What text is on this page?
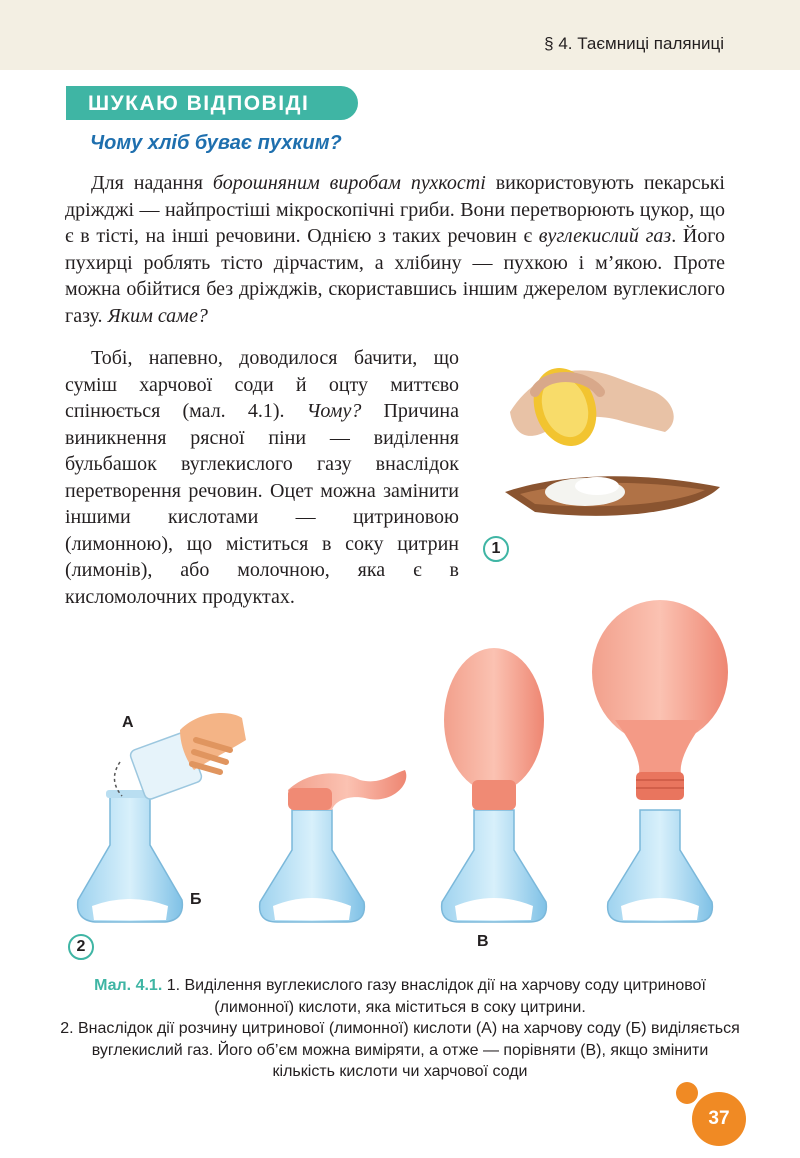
§ 4. Таємниці паляниці
ШУКАЮ ВІДПОВІДІ
Чому хліб буває пухким?

Для надання борошняним виробам пухкості використовують пекарські дріжджі — найпростіші мікроскопічні гриби. Вони перетворюють цукор, що є в тісті, на інші речовини. Однією з таких речовин є вуглекислий газ. Його пухирці роблять тісто дірчастим, а хлібину — пухкою і м’якою. Проте можна обійтися без дріжджів, скориставшись іншим джерелом вуглекислого газу. Яким саме?

Тобі, напевно, доводилося бачити, що суміш харчової соди й оцту миттєво спінюється (мал. 4.1). Чому? Причина виникнення рясної піни — виділення бульбашок вуглекислого газу внаслідок перетворення речовин. Оцет можна замінити іншими кислотами — цитриновою (лимонною), що міститься в соку цитрин (лимонів), або молочною, яка є в кисломолочних продуктах.

1
А
Б
В
2
Мал. 4.1. 1. Виділення вуглекислого газу внаслідок дії на харчову соду цитринової (лимонної) кислоти, яка міститься в соку цитрини.
2. Внаслідок дії розчину цитринової (лимонної) кислоти (А) на харчову соду (Б) виділяється вуглекислий газ. Його об’єм можна виміряти, а отже — порівняти (В), якщо змінити кількість кислоти чи харчової соди
37
